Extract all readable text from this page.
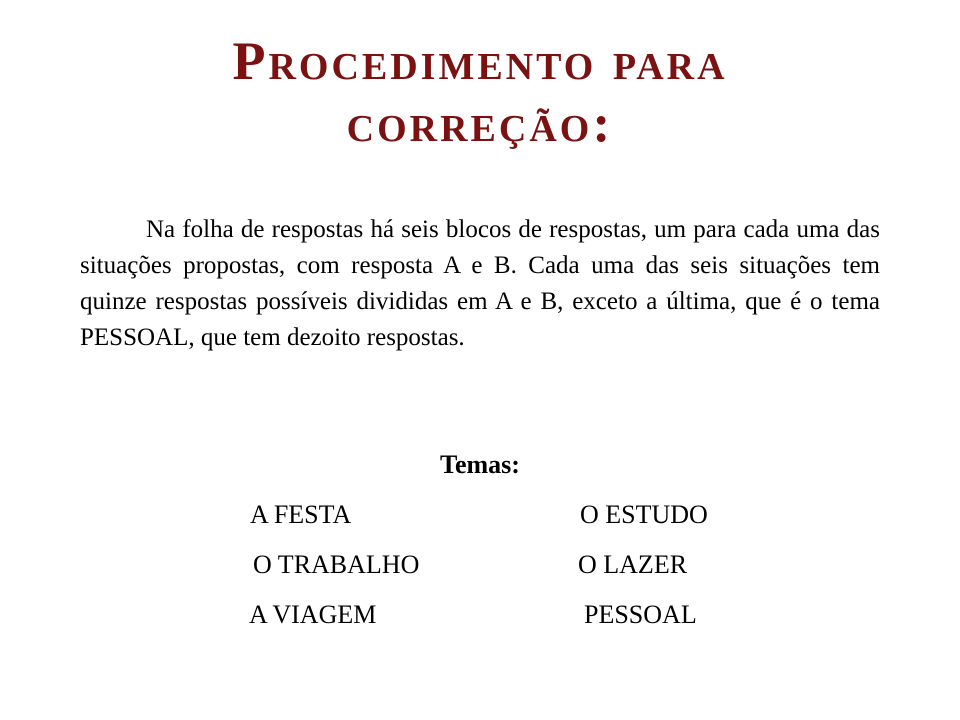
Procedimento para
correção:

Na folha de respostas há seis blocos de respostas, um para cada uma das situações propostas, com resposta A e B. Cada uma das seis situações tem quinze respostas possíveis divididas em A e B, exceto a última, que é o tema PESSOAL, que tem dezoito respostas.

Temas:
A FESTA	O ESTUDO
O TRABALHO	O LAZER
A VIAGEM	PESSOAL
